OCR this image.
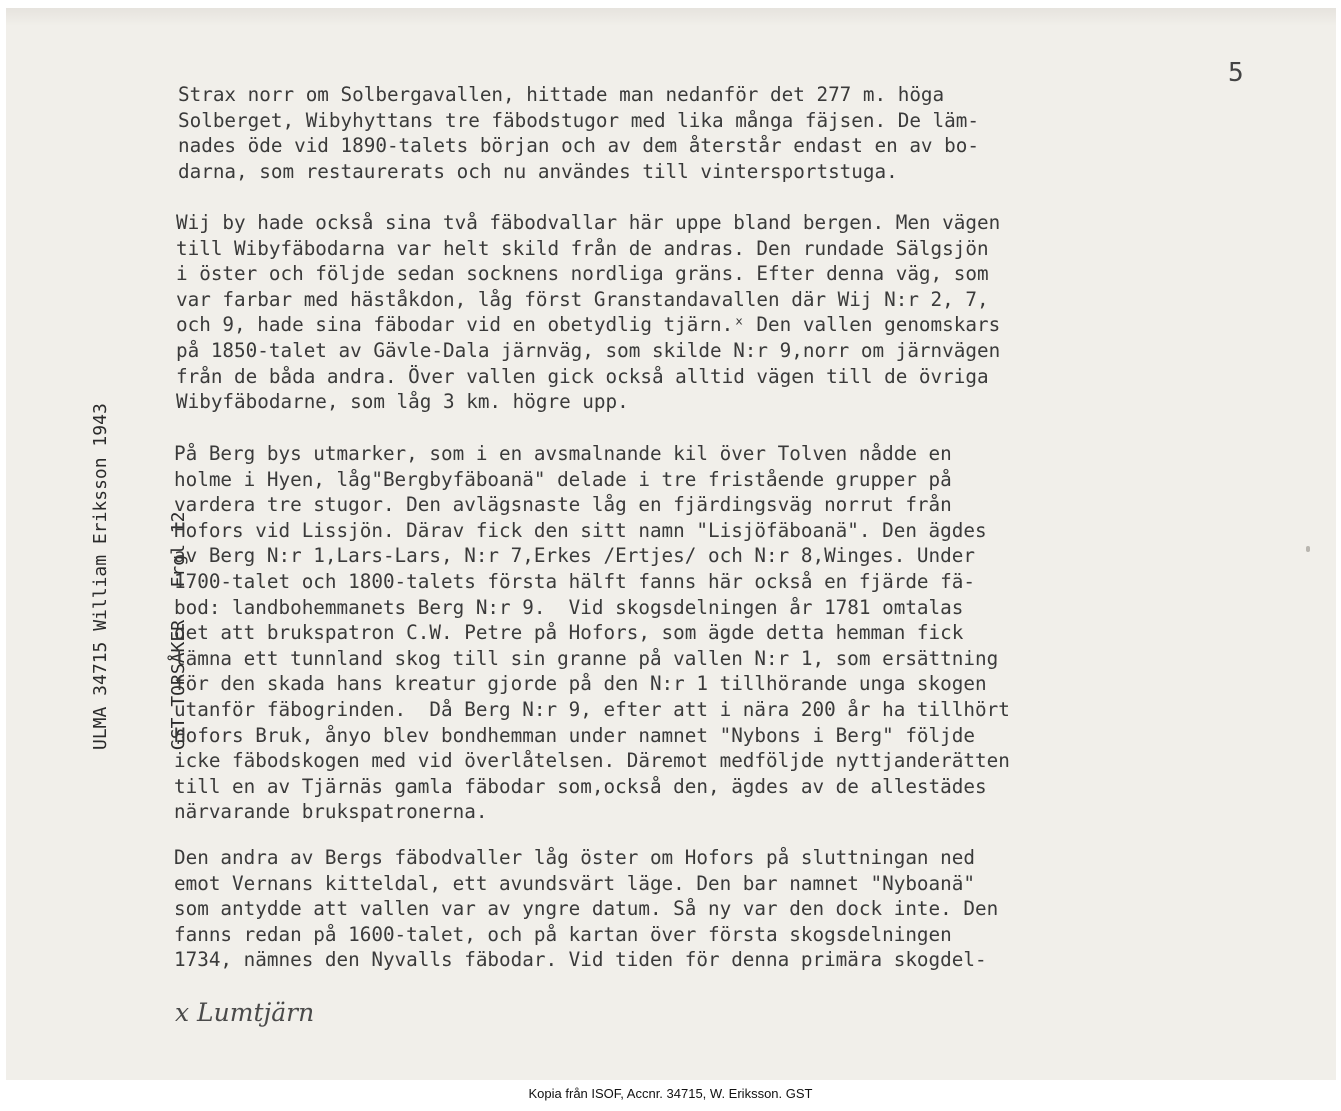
5

ULMA 34715 William Eriksson 1943

	GST TORSÅKER   Frgl 12

Strax norr om Solbergavallen, hittade man nedanför det 277 m. höga
Solberget, Wibyhyttans tre fäbodstugor med lika många fäjsen. De läm-
nades öde vid 1890-talets början och av dem återstår endast en av bo-
darna, som restaurerats och nu användes till vintersportstuga.
Wij by hade också sina två fäbodvallar här uppe bland bergen. Men vägen
till Wibyfäbodarna var helt skild från de andras. Den rundade Sälgsjön
i öster och följde sedan socknens nordliga gräns. Efter denna väg, som
var farbar med häståkdon, låg först Granstandavallen där Wij N:r 2, 7,
och 9, hade sina fäbodar vid en obetydlig tjärn.ˣ Den vallen genomskars
på 1850-talet av Gävle-Dala järnväg, som skilde N:r 9,norr om järnvägen
från de båda andra. Över vallen gick också alltid vägen till de övriga
Wibyfäbodarne, som låg 3 km. högre upp.
På Berg bys utmarker, som i en avsmalnande kil över Tolven nådde en
holme i Hyen, låg"Bergbyfäboanä" delade i tre fristående grupper på
vardera tre stugor. Den avlägsnaste låg en fjärdingsväg norrut från
Hofors vid Lissjön. Därav fick den sitt namn "Lisjöfäboanä". Den ägdes
av Berg N:r 1,Lars-Lars, N:r 7,Erkes /Ertjes/ och N:r 8,Winges. Under
1700-talet och 1800-talets första hälft fanns här också en fjärde fä-
bod: landbohemmanets Berg N:r 9.  Vid skogsdelningen år 1781 omtalas
det att brukspatron C.W. Petre på Hofors, som ägde detta hemman fick
lämna ett tunnland skog till sin granne på vallen N:r 1, som ersättning
för den skada hans kreatur gjorde på den N:r 1 tillhörande unga skogen
utanför fäbogrinden.  Då Berg N:r 9, efter att i nära 200 år ha tillhört
Hofors Bruk, ånyo blev bondhemman under namnet "Nybons i Berg" följde
icke fäbodskogen med vid överlåtelsen. Däremot medföljde nyttjanderätten
till en av Tjärnäs gamla fäbodar som,också den, ägdes av de allestädes
närvarande brukspatronerna.
Den andra av Bergs fäbodvaller låg öster om Hofors på sluttningan ned
emot Vernans kitteldal, ett avundsvärt läge. Den bar namnet "Nyboanä"
som antydde att vallen var av yngre datum. Så ny var den dock inte. Den
fanns redan på 1600-talet, och på kartan över första skogsdelningen
1734, nämnes den Nyvalls fäbodar. Vid tiden för denna primära skogdel-
x Lumtjärn
Kopia från ISOF, Accnr. 34715, W. Eriksson. GST
